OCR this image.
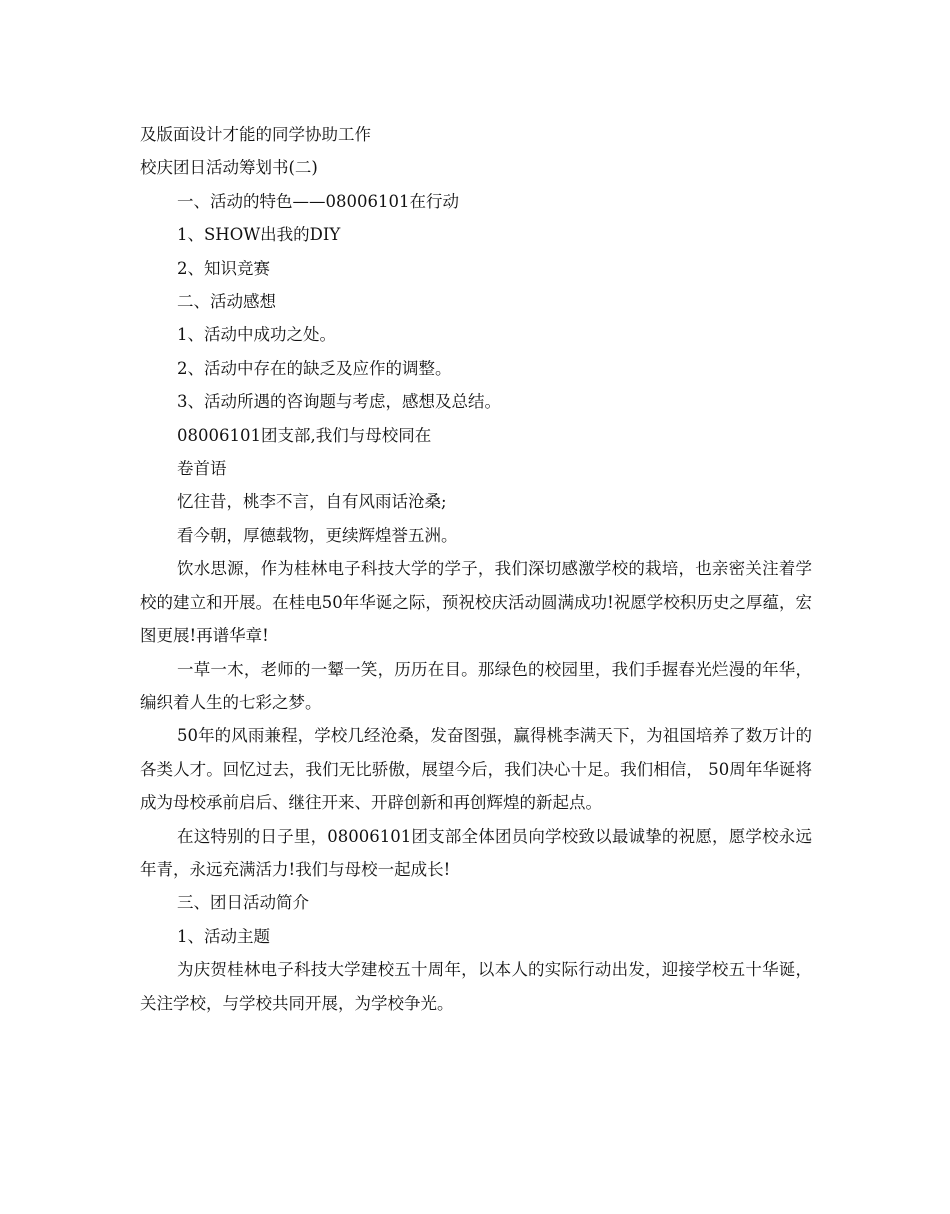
及版面设计才能的同学协助工作

校庆团日活动筹划书(二)

一、活动的特色——08006101在行动

1、SHOW出我的DIY

2、知识竞赛

二、活动感想

1、活动中成功之处。

2、活动中存在的缺乏及应作的调整。

3、活动所遇的咨询题与考虑，感想及总结。

08006101团支部,我们与母校同在

卷首语

忆往昔，桃李不言，自有风雨话沧桑;

看今朝，厚德载物，更续辉煌誉五洲。

饮水思源，作为桂林电子科技大学的学子，我们深切感激学校的栽培，也亲密关注着学校的建立和开展。在桂电50年华诞之际，预祝校庆活动圆满成功!祝愿学校积历史之厚蕴，宏图更展!再谱华章!

一草一木，老师的一颦一笑，历历在目。那绿色的校园里，我们手握春光烂漫的年华，编织着人生的七彩之梦。

50年的风雨兼程，学校几经沧桑，发奋图强，赢得桃李满天下，为祖国培养了数万计的各类人才。回忆过去，我们无比骄傲，展望今后，我们决心十足。我们相信， 50周年华诞将成为母校承前启后、继往开来、开辟创新和再创辉煌的新起点。

在这特别的日子里，08006101团支部全体团员向学校致以最诚挚的祝愿，愿学校永远年青，永远充满活力!我们与母校一起成长!

三、团日活动简介

1、活动主题

为庆贺桂林电子科技大学建校五十周年，以本人的实际行动出发，迎接学校五十华诞，关注学校，与学校共同开展，为学校争光。
